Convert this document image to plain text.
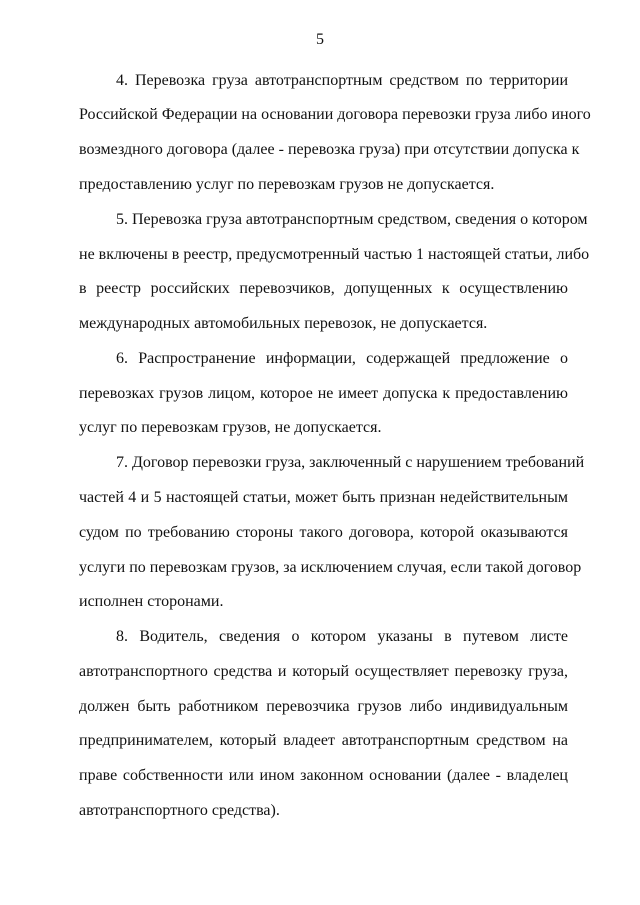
5
4. Перевозка груза автотранспортным средством по территории
Российской Федерации на основании договора перевозки груза либо иного
возмездного договора (далее - перевозка груза) при отсутствии допуска к
предоставлению услуг по перевозкам грузов не допускается.
5. Перевозка груза автотранспортным средством, сведения о котором
не включены в реестр, предусмотренный частью 1 настоящей статьи, либо
в реестр российских перевозчиков, допущенных к осуществлению
международных автомобильных перевозок, не допускается.
6. Распространение информации, содержащей предложение о
перевозках грузов лицом, которое не имеет допуска к предоставлению
услуг по перевозкам грузов, не допускается.
7. Договор перевозки груза, заключенный с нарушением требований
частей 4 и 5 настоящей статьи, может быть признан недействительным
судом по требованию стороны такого договора, которой оказываются
услуги по перевозкам грузов, за исключением случая, если такой договор
исполнен сторонами.
8. Водитель, сведения о котором указаны в путевом листе
автотранспортного средства и который осуществляет перевозку груза,
должен быть работником перевозчика грузов либо индивидуальным
предпринимателем, который владеет автотранспортным средством на
праве собственности или ином законном основании (далее - владелец
автотранспортного средства).
